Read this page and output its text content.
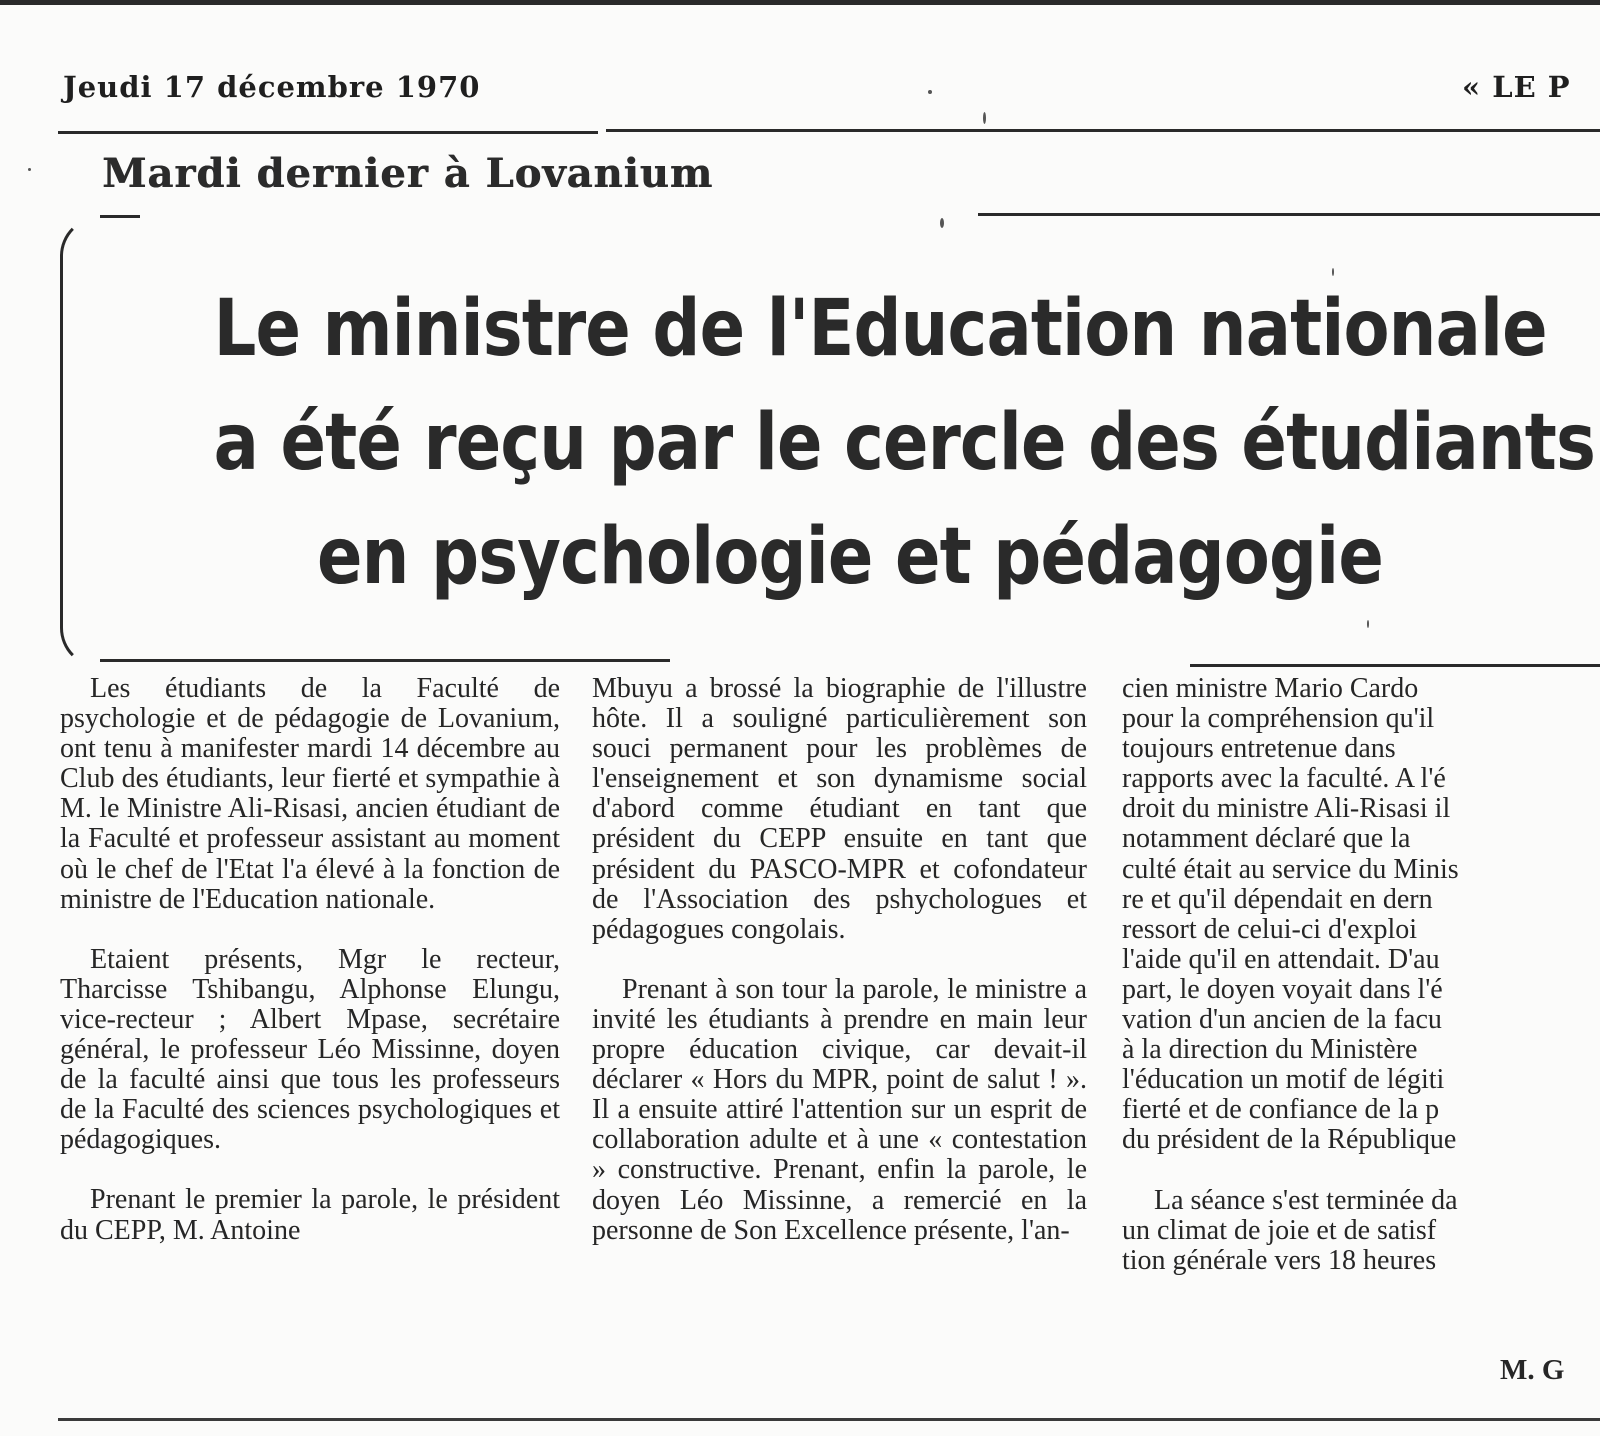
Jeudi 17 décembre 1970	« LE P
Mardi dernier à Lovanium
Le ministre de l'Education nationale
a été reçu par le cercle des étudiants
en psychologie et pédagogie

Les étudiants de la Faculté de psychologie et de pédagogie de Lovanium, ont tenu à manifester mardi 14 décembre au Club des étudiants, leur fierté et sympathie à M. le Ministre Ali-Risasi, ancien étudiant de la Faculté et professeur assistant au moment où le chef de l'Etat l'a élevé à la fonction de ministre de l'Education nationale.

Etaient présents, Mgr le recteur, Tharcisse Tshibangu, Alphonse Elungu, vice-recteur ; Albert Mpase, secrétaire général, le professeur Léo Missinne, doyen de la faculté ainsi que tous les professeurs de la Faculté des sciences psychologiques et pédagogiques.

Prenant le premier la parole, le président du CEPP, M. Antoine

Mbuyu a brossé la biographie de l'illustre hôte. Il a souligné particulièrement son souci permanent pour les problèmes de l'enseignement et son dynamisme social d'abord comme étudiant en tant que président du CEPP ensuite en tant que président du PASCO-MPR et cofondateur de l'Association des pshychologues et pédagogues congolais.

Prenant à son tour la parole, le ministre a invité les étudiants à prendre en main leur propre éducation civique, car devait-il déclarer « Hors du MPR, point de salut ! ». Il a ensuite attiré l'attention sur un esprit de collaboration adulte et à une « contestation » constructive. Prenant, enfin la parole, le doyen Léo Missinne, a remercié en la personne de Son Excellence présente, l'an-

cien ministre Mario Cardo
pour la compréhension qu'il
toujours entretenue dans
rapports avec la faculté. A l'é
droit du ministre Ali-Risasi il
notamment déclaré que la
culté était au service du Minis
re et qu'il dépendait en dern
ressort de celui-ci d'exploi
l'aide qu'il en attendait. D'au
part, le doyen voyait dans l'é
vation d'un ancien de la facu
à la direction du Ministère
l'éducation un motif de légiti
fierté et de confiance de la p
du président de la République
La séance s'est terminée da
un climat de joie et de satisf
tion générale vers 18 heures
M. G
